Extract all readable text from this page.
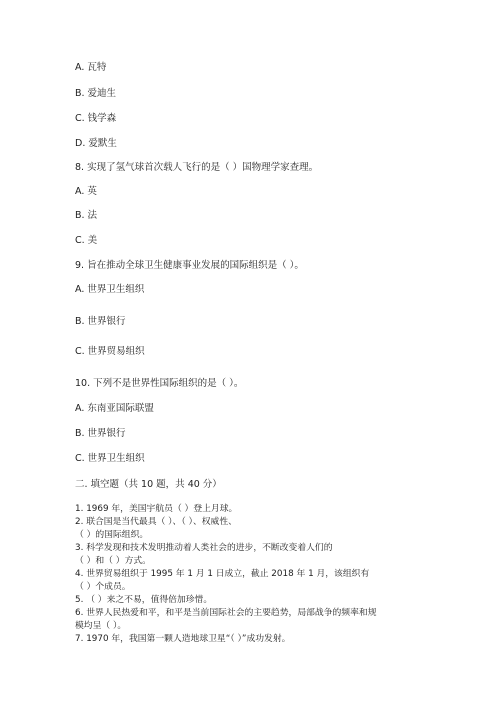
A. 瓦特
B. 爱迪生
C. 钱学森
D. 爱默生
8. 实现了氢气球首次载人飞行的是（ ）国物理学家查理。
A. 英
B. 法
C. 美
9. 旨在推动全球卫生健康事业发展的国际组织是（ ）。
A. 世界卫生组织
B. 世界银行
C. 世界贸易组织
10. 下列不是世界性国际组织的是（ ）。
A. 东南亚国际联盟
B. 世界银行
C. 世界卫生组织
二. 填空题（共 10 题，共 40 分）
1. 1969 年，美国宇航员（ ）登上月球。
2. 联合国是当代最具（ ）、（ ）、权威性、
（ ）的国际组织。
3. 科学发现和技术发明推动着人类社会的进步，不断改变着人们的
（ ）和（ ）方式。
4. 世界贸易组织于 1995 年 1 月 1 日成立，截止 2018 年 1 月，该组织有
（ ）个成员。
5. （ ）来之不易，值得倍加珍惜。
6. 世界人民热爱和平，和平是当前国际社会的主要趋势，局部战争的频率和规
模均呈（ ）。
7. 1970 年，我国第一颗人造地球卫星“（ ）”成功发射。
